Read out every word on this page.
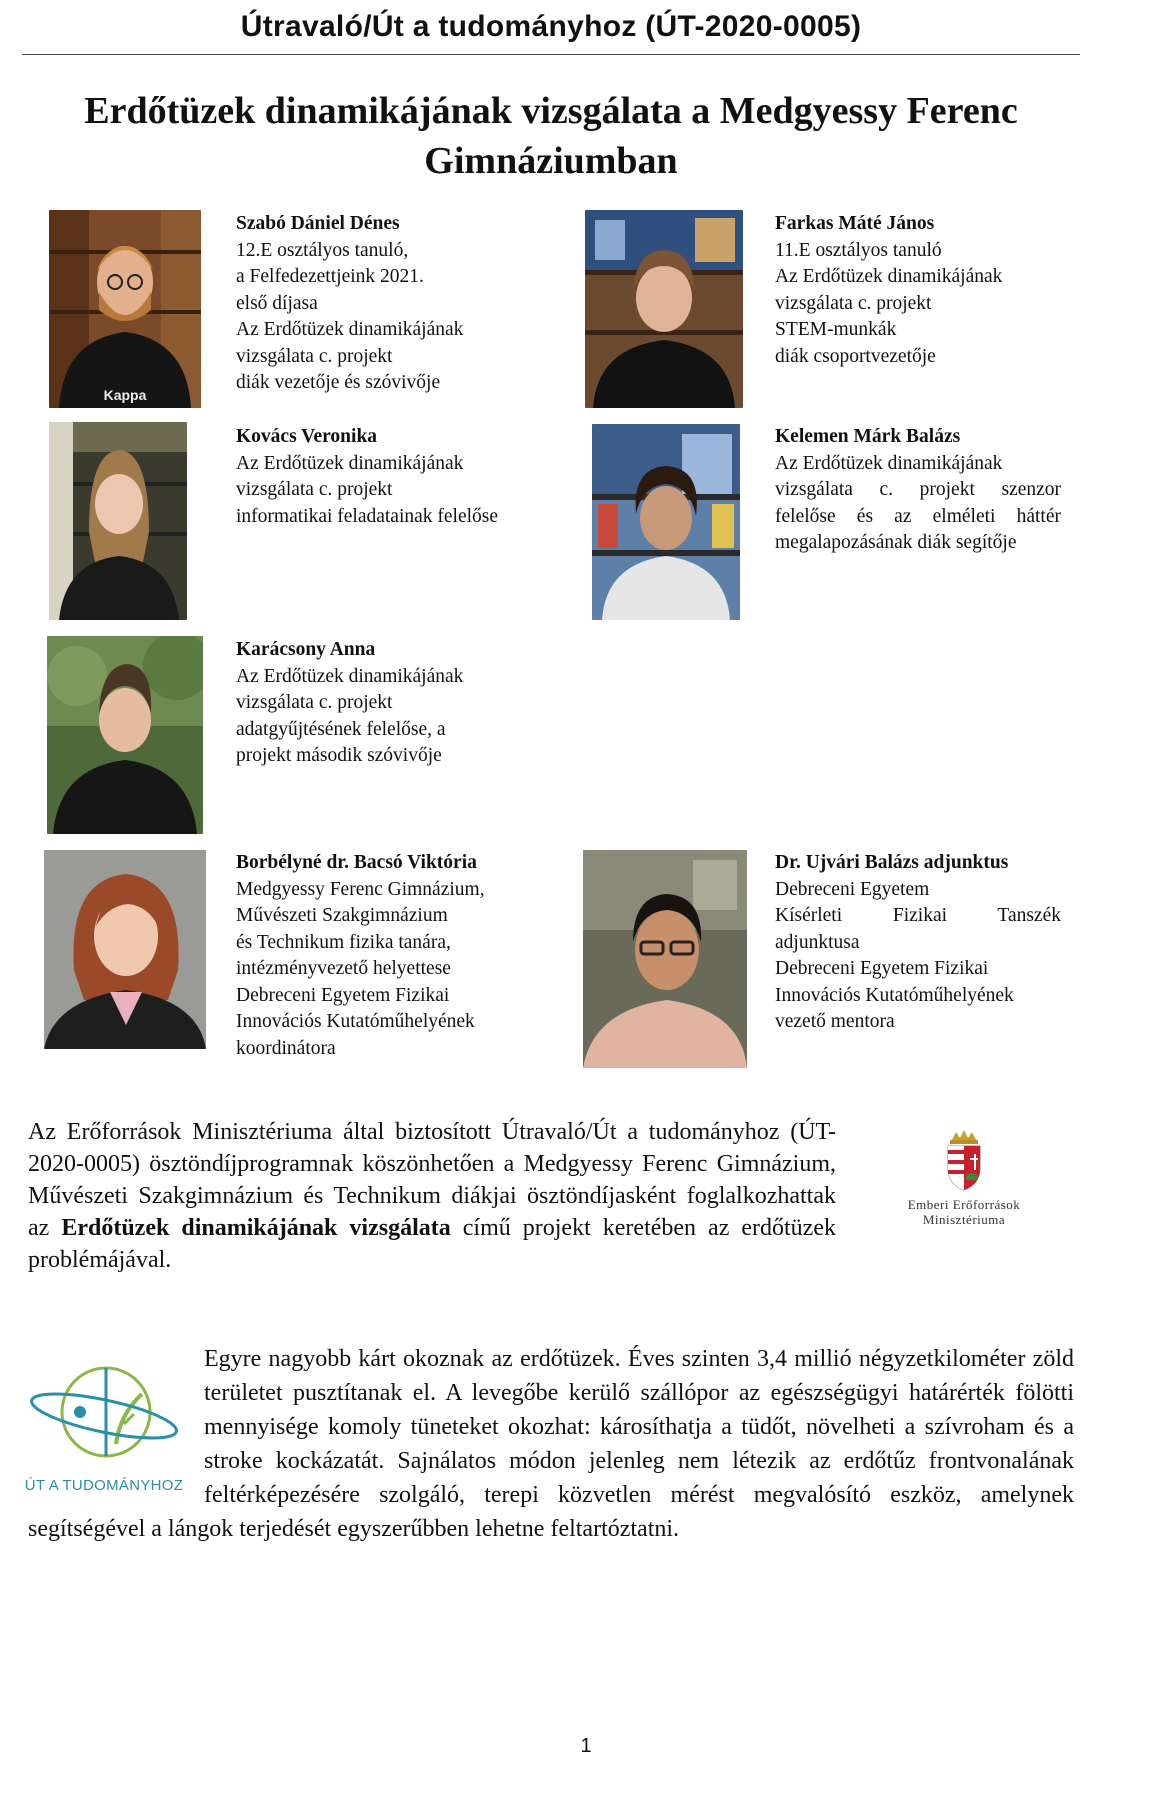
Útravaló/Út a tudományhoz (ÚT-2020-0005)
Erdőtüzek dinamikájának vizsgálata a Medgyessy Ferenc
Gimnáziumban
Kappa
Szabó Dániel Dénes
12.E osztályos tanuló,
a Felfedezettjeink 2021.
első díjasa
Az Erdőtüzek dinamikájának
vizsgálata c. projekt
diák vezetője és szóvivője
Farkas Máté János
11.E osztályos tanuló
Az Erdőtüzek dinamikájának
vizsgálata c. projekt
STEM-munkák
diák csoportvezetője
Kovács Veronika
Az Erdőtüzek dinamikájának
vizsgálata c. projekt
informatikai feladatainak felelőse
Kelemen Márk Balázs
Az Erdőtüzek dinamikájának
vizsgálata c. projekt szenzor
felelőse és az elméleti háttér
megalapozásának diák segítője
Karácsony Anna
Az Erdőtüzek dinamikájának
vizsgálata c. projekt
adatgyűjtésének felelőse, a
projekt második szóvivője
Borbélyné dr. Bacsó Viktória
Medgyessy Ferenc Gimnázium,
Művészeti Szakgimnázium
és Technikum fizika tanára,
intézményvezető helyettese
Debreceni Egyetem Fizikai
Innovációs Kutatóműhelyének
koordinátora
Dr. Ujvári Balázs adjunktus
Debreceni Egyetem
Kísérleti Fizikai Tanszék
adjunktusa
Debreceni Egyetem Fizikai
Innovációs Kutatóműhelyének
vezető mentora

Az Erőforrások Minisztériuma által biztosított Útravaló/Út a tudományhoz (ÚT-2020-0005) ösztöndíjprogramnak köszönhetően a Medgyessy Ferenc Gimnázium, Művészeti Szakgimnázium és Technikum diákjai ösztöndíjasként foglalkozhattak az Erdőtüzek dinamikájának vizsgálata című projekt keretében az erdőtüzek problémájával.

Emberi Erőforrások
Minisztériuma
ÚT A TUDOMÁNYHOZ

Egyre nagyobb kárt okoznak az erdőtüzek. Éves szinten 3,4 millió négyzetkilométer zöld területet pusztítanak el. A levegőbe kerülő szállópor az egészségügyi határérték fölötti mennyisége komoly tüneteket okozhat: károsíthatja a tüdőt, növelheti a szívroham és a stroke kockázatát. Sajnálatos módon jelenleg nem létezik az erdőtűz frontvonalának feltérképezésére szolgáló, terepi közvetlen mérést megvalósító eszköz, amelynek segítségével a lángok terjedését egyszerűbben lehetne feltartóztatni.

1
